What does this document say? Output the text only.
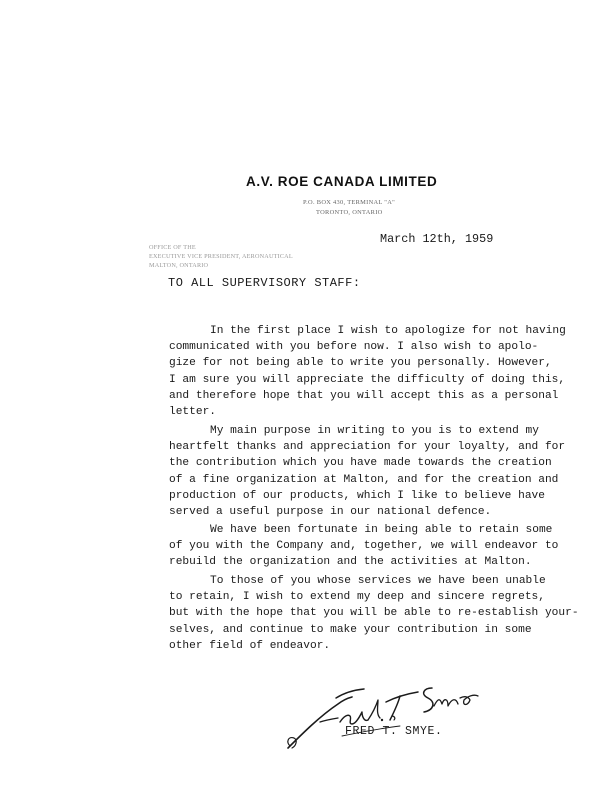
A.V. ROE CANADA LIMITED
P.O. BOX 430, TERMINAL "A"
TORONTO, ONTARIO
OFFICE OF THE
EXECUTIVE VICE PRESIDENT, AERONAUTICAL
MALTON, ONTARIO
March 12th, 1959
TO ALL SUPERVISORY STAFF:
In the first place I wish to apologize for not having
communicated with you before now. I also wish to apolo-
gize for not being able to write you personally. However,
I am sure you will appreciate the difficulty of doing this,
and therefore hope that you will accept this as a personal
letter.
My main purpose in writing to you is to extend my
heartfelt thanks and appreciation for your loyalty, and for
the contribution which you have made towards the creation
of a fine organization at Malton, and for the creation and
production of our products, which I like to believe have
served a useful purpose in our national defence.
We have been fortunate in being able to retain some
of you with the Company and, together, we will endeavor to
rebuild the organization and the activities at Malton.
To those of you whose services we have been unable
to retain, I wish to extend my deep and sincere regrets,
but with the hope that you will be able to re-establish your-
selves, and continue to make your contribution in some
other field of endeavor.
FRED T. SMYE.
